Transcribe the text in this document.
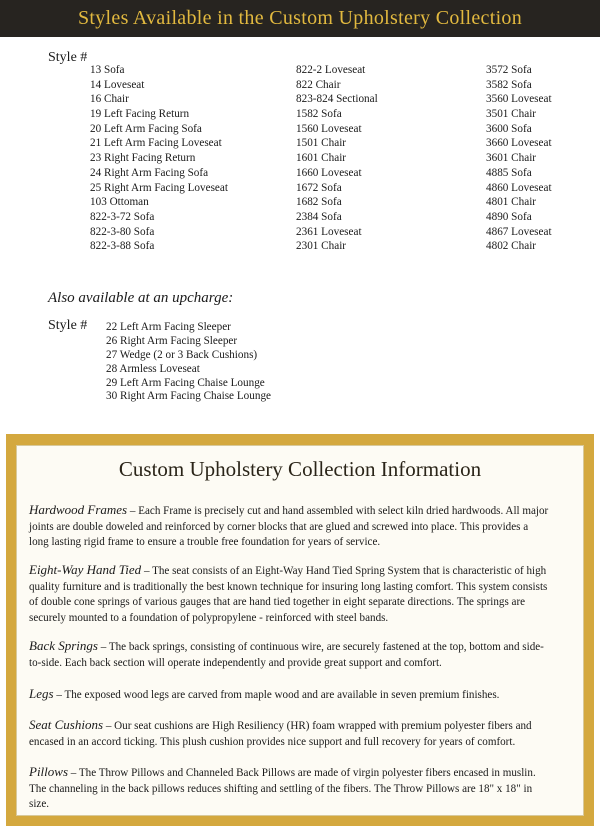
Styles Available in the Custom Upholstery Collection
Style #
13 Sofa
14 Loveseat
16 Chair
19 Left Facing Return
20 Left Arm Facing Sofa
21 Left Arm Facing Loveseat
23 Right Facing Return
24 Right Arm Facing Sofa
25 Right Arm Facing Loveseat
103 Ottoman
822-3-72 Sofa
822-3-80 Sofa
822-3-88 Sofa
822-2 Loveseat
822 Chair
823-824 Sectional
1582 Sofa
1560 Loveseat
1501 Chair
1601 Chair
1660 Loveseat
1672 Sofa
1682 Sofa
2384 Sofa
2361 Loveseat
2301 Chair
3572 Sofa
3582 Sofa
3560 Loveseat
3501 Chair
3600 Sofa
3660 Loveseat
3601 Chair
4885 Sofa
4860 Loveseat
4801 Chair
4890 Sofa
4867 Loveseat
4802 Chair
Also available at an upcharge:
Style # 22 Left Arm Facing Sleeper
26 Right Arm Facing Sleeper
27 Wedge (2 or 3 Back Cushions)
28 Armless Loveseat
29 Left Arm Facing Chaise Lounge
30 Right Arm Facing Chaise Lounge
Custom Upholstery Collection Information
Hardwood Frames – Each Frame is precisely cut and hand assembled with select kiln dried hardwoods. All major joints are double doweled and reinforced by corner blocks that are glued and screwed into place. This provides a long lasting rigid frame to ensure a trouble free foundation for years of service.
Eight-Way Hand Tied – The seat consists of an Eight-Way Hand Tied Spring System that is characteristic of high quality furniture and is traditionally the best known technique for insuring long lasting comfort. This system consists of double cone springs of various gauges that are hand tied together in eight separate directions. The springs are securely mounted to a foundation of polypropylene - reinforced with steel bands.
Back Springs – The back springs, consisting of continuous wire, are securely fastened at the top, bottom and side-to-side. Each back section will operate independently and provide great support and comfort.
Legs – The exposed wood legs are carved from maple wood and are available in seven premium finishes.
Seat Cushions – Our seat cushions are High Resiliency (HR) foam wrapped with premium polyester fibers and encased in an accord ticking. This plush cushion provides nice support and full recovery for years of comfort.
Pillows – The Throw Pillows and Channeled Back Pillows are made of virgin polyester fibers encased in muslin. The channeling in the back pillows reduces shifting and settling of the fibers. The Throw Pillows are 18" x 18" in size.
